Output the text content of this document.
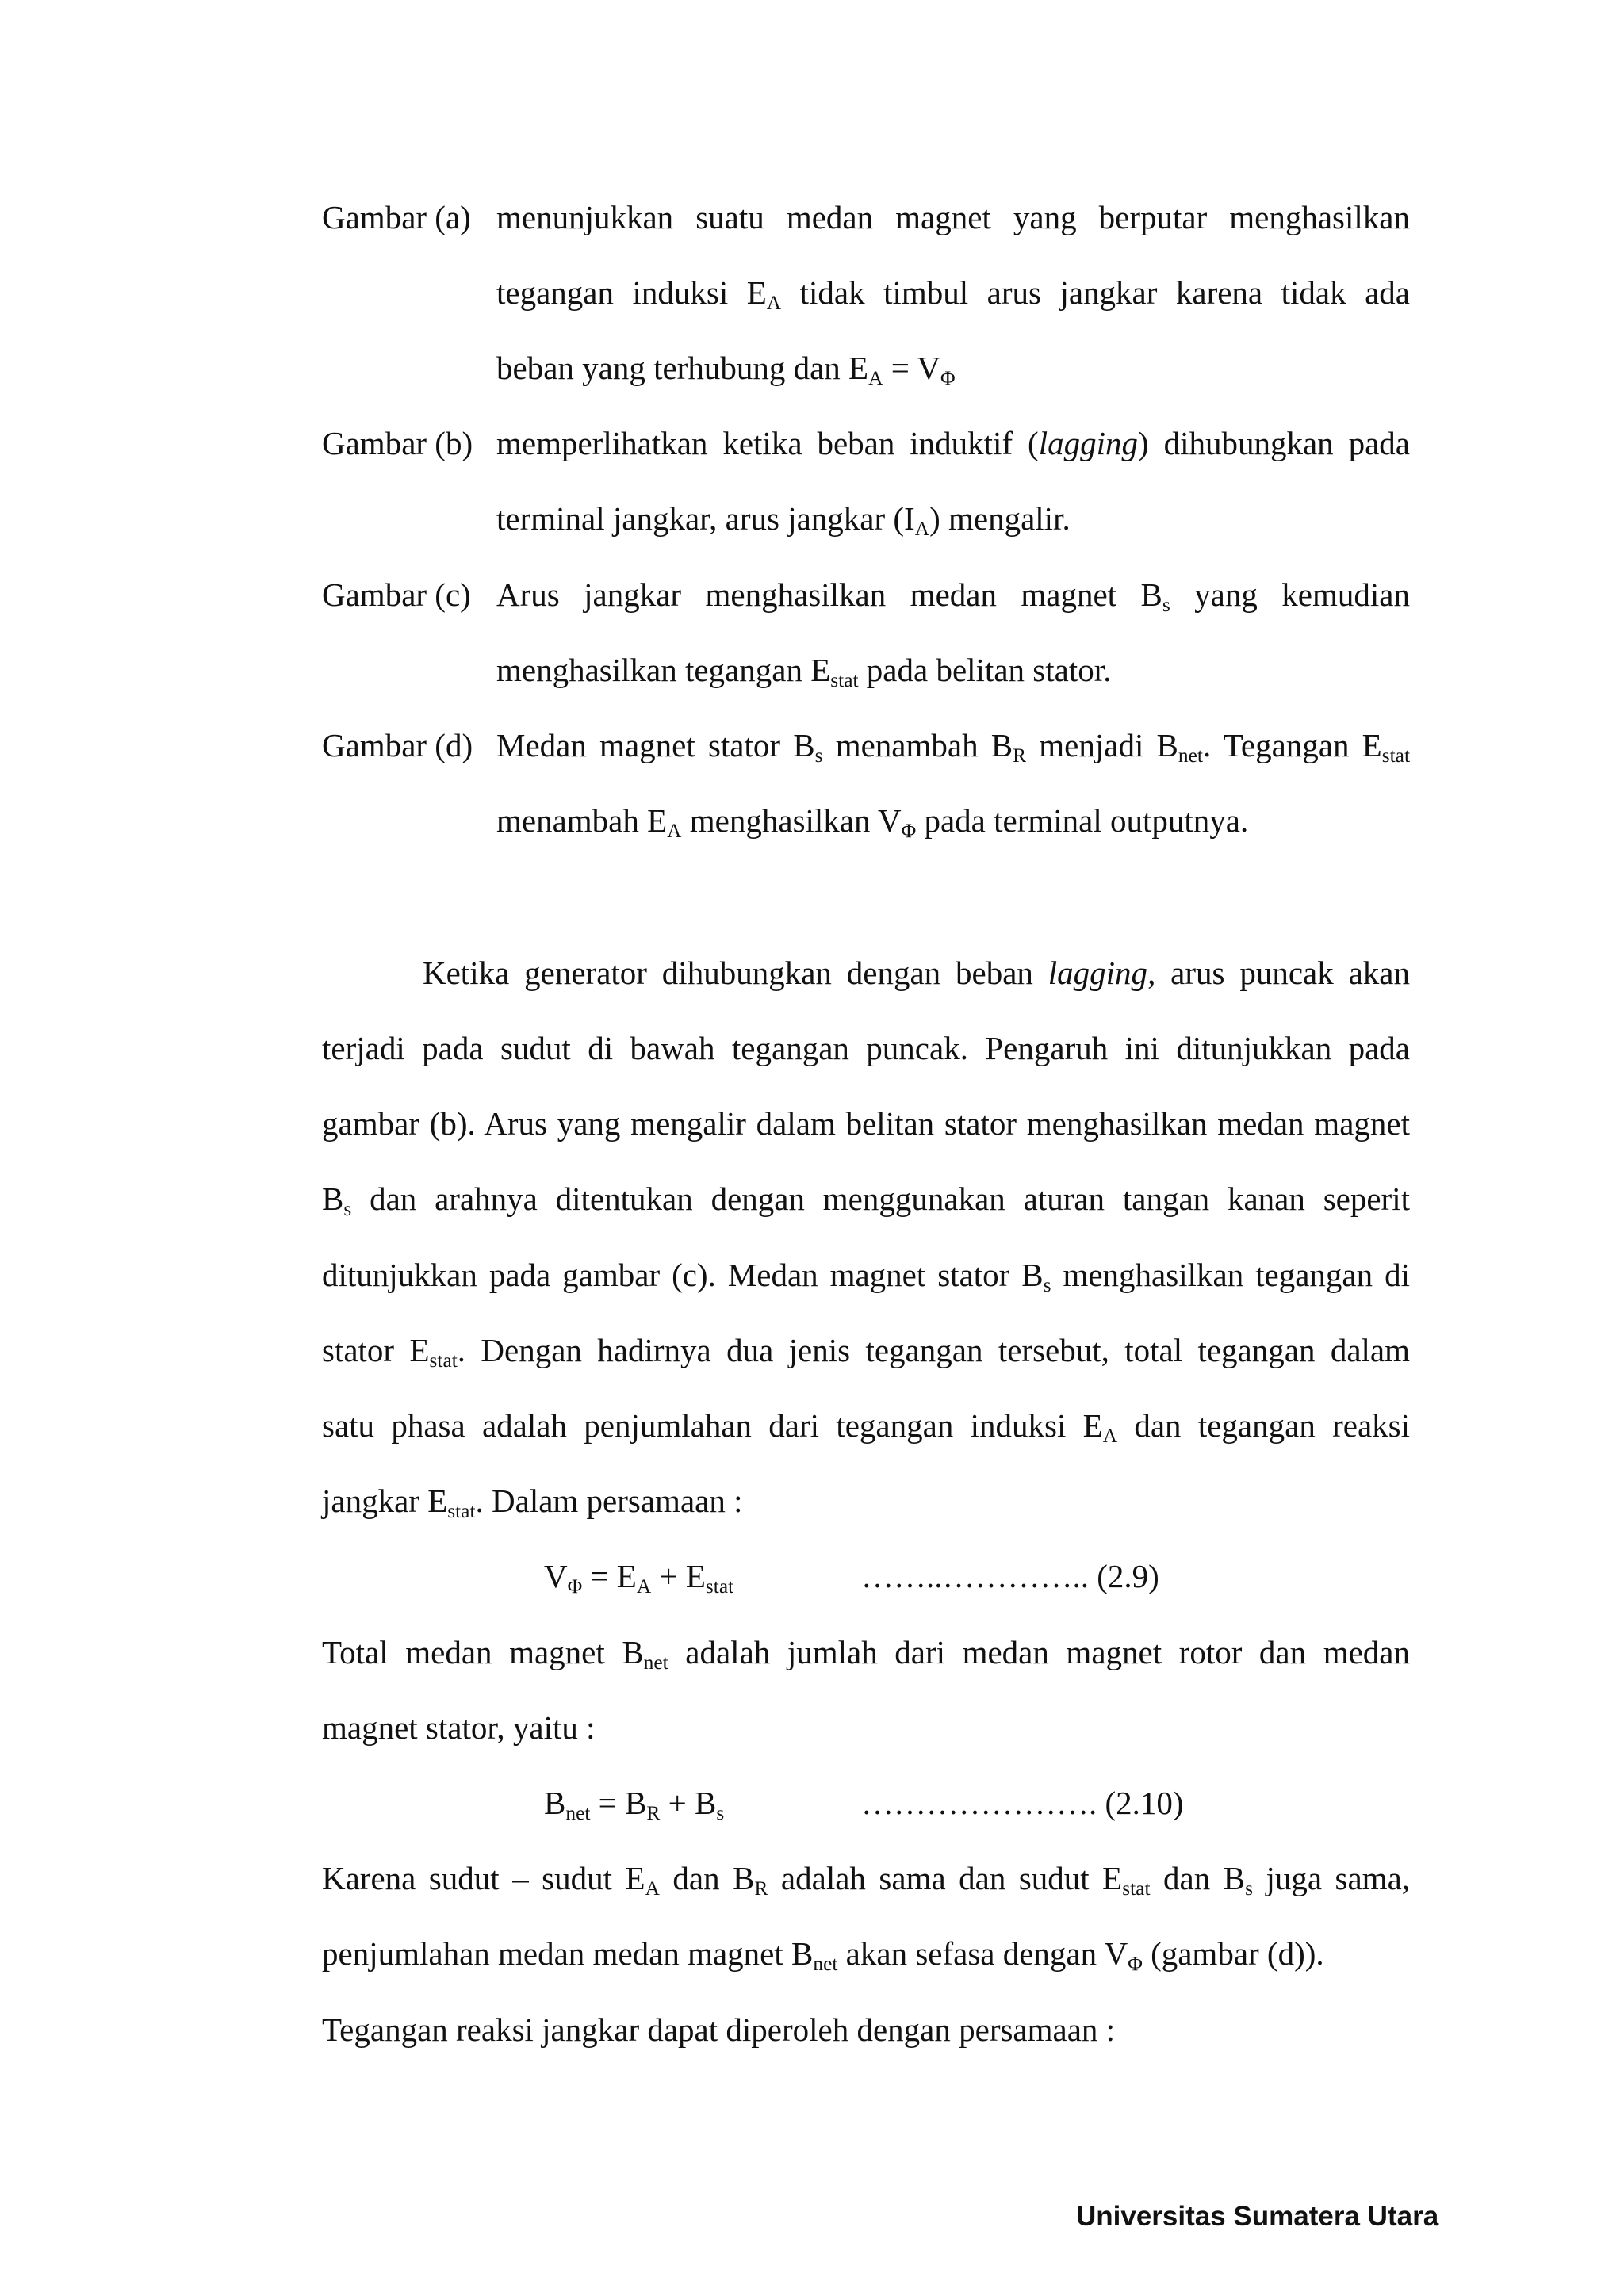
Gambar (a) menunjukkan suatu medan magnet yang berputar menghasilkan
tegangan induksi $E_A$ tidak timbul arus jangkar karena tidak ada
beban yang terhubung dan $E_A = V_\Phi$
Gambar (b) memperlihatkan ketika beban induktif (lagging) dihubungkan pada
terminal jangkar, arus jangkar $(I_A)$ mengalir.
Gambar (c) Arus jangkar menghasilkan medan magnet $B_s$ yang kemudian
menghasilkan tegangan $E_{stat}$ pada belitan stator.
Gambar (d) Medan magnet stator $B_s$ menambah $B_R$ menjadi $B_{net}$. Tegangan $E_{stat}$
menambah $E_A$ menghasilkan $V_\Phi$ pada terminal outputnya.
Ketika generator dihubungkan dengan beban lagging, arus puncak akan
terjadi pada sudut di bawah tegangan puncak. Pengaruh ini ditunjukkan pada
gambar (b). Arus yang mengalir dalam belitan stator menghasilkan medan magnet
$B_s$ dan arahnya ditentukan dengan menggunakan aturan tangan kanan seperit
ditunjukkan pada gambar (c). Medan magnet stator $B_s$ menghasilkan tegangan di
stator $E_{stat}$. Dengan hadirnya dua jenis tegangan tersebut, total tegangan dalam
satu phasa adalah penjumlahan dari tegangan induksi $E_A$ dan tegangan reaksi
jangkar $E_{stat}$. Dalam persamaan :
$V_\Phi = E_A + E_{stat}$	……..………….. (2.9)
Total medan magnet $B_{net}$ adalah jumlah dari medan magnet rotor dan medan
magnet stator, yaitu :
$B_{net} = B_R + B_s$	…………………. (2.10)
Karena sudut – sudut $E_A$ dan $B_R$ adalah sama dan sudut $E_{stat}$ dan $B_s$ juga sama,
penjumlahan medan medan magnet $B_{net}$ akan sefasa dengan $V_\Phi$ (gambar (d)).
Tegangan reaksi jangkar dapat diperoleh dengan persamaan :
Universitas Sumatera Utara
